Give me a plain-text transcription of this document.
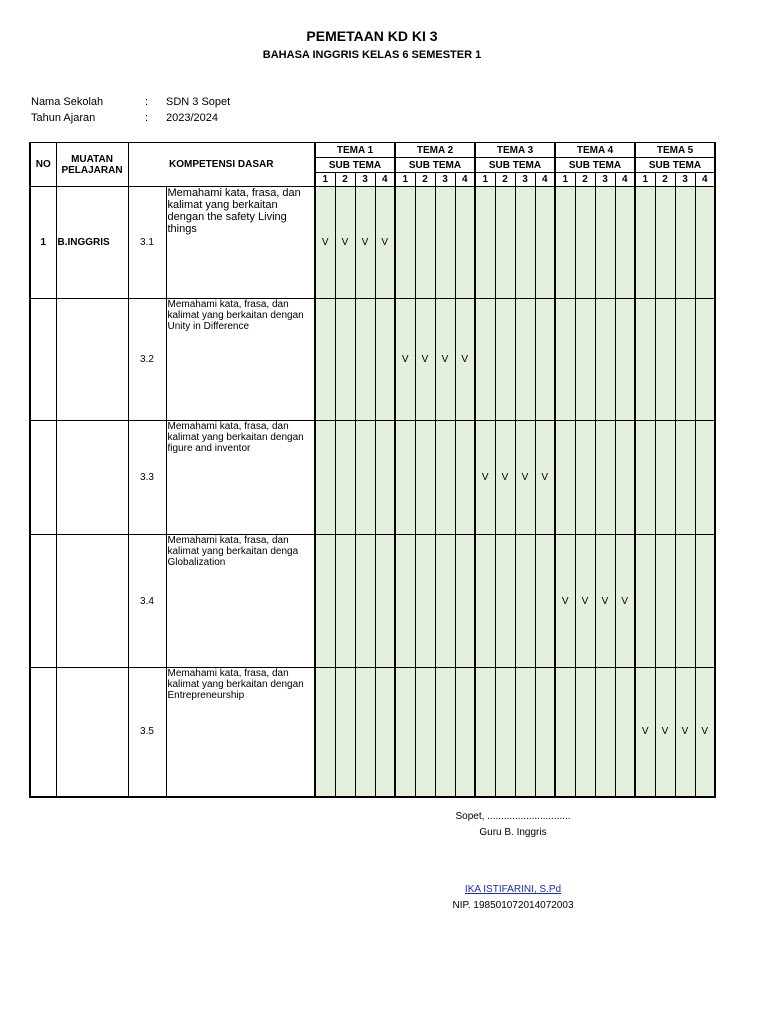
PEMETAAN KD KI 3
BAHASA INGGRIS KELAS 6 SEMESTER 1
Nama Sekolah	: SDN 3 Sopet
Tahun Ajaran	: 2023/2024
NO	MUATAN PELAJARAN	KOMPETENSI DASAR		TEMA 1				TEMA 2				TEMA 3				TEMA 4				TEMA 5			
				SUB TEMA				SUB TEMA				SUB TEMA				SUB TEMA				SUB TEMA			
				1	2	3	4	1	2	3	4	1	2	3	4	1	2	3	4	1	2	3	4
1	B.INGGRIS	3.1	Memahami kata, frasa, dan kalimat yang berkaitan dengan the safety Living things	V	V	V	V																
		3.2	Memahami kata, frasa, dan kalimat yang berkaitan dengan Unity in Difference					V	V	V	V												
		3.3	Memahami kata, frasa, dan kalimat yang berkaitan dengan figure and inventor									V	V	V	V								
		3.4	Memahami kata, frasa, dan kalimat yang berkaitan denga Globalization													V	V	V	V				
		3.5	Memahami kata, frasa, dan kalimat yang berkaitan dengan Entrepreneurship																	V	V	V	V
Sopet, ..............................
Guru B. Inggris
IKA ISTIFARINI, S.Pd
NIP. 198501072014072003
